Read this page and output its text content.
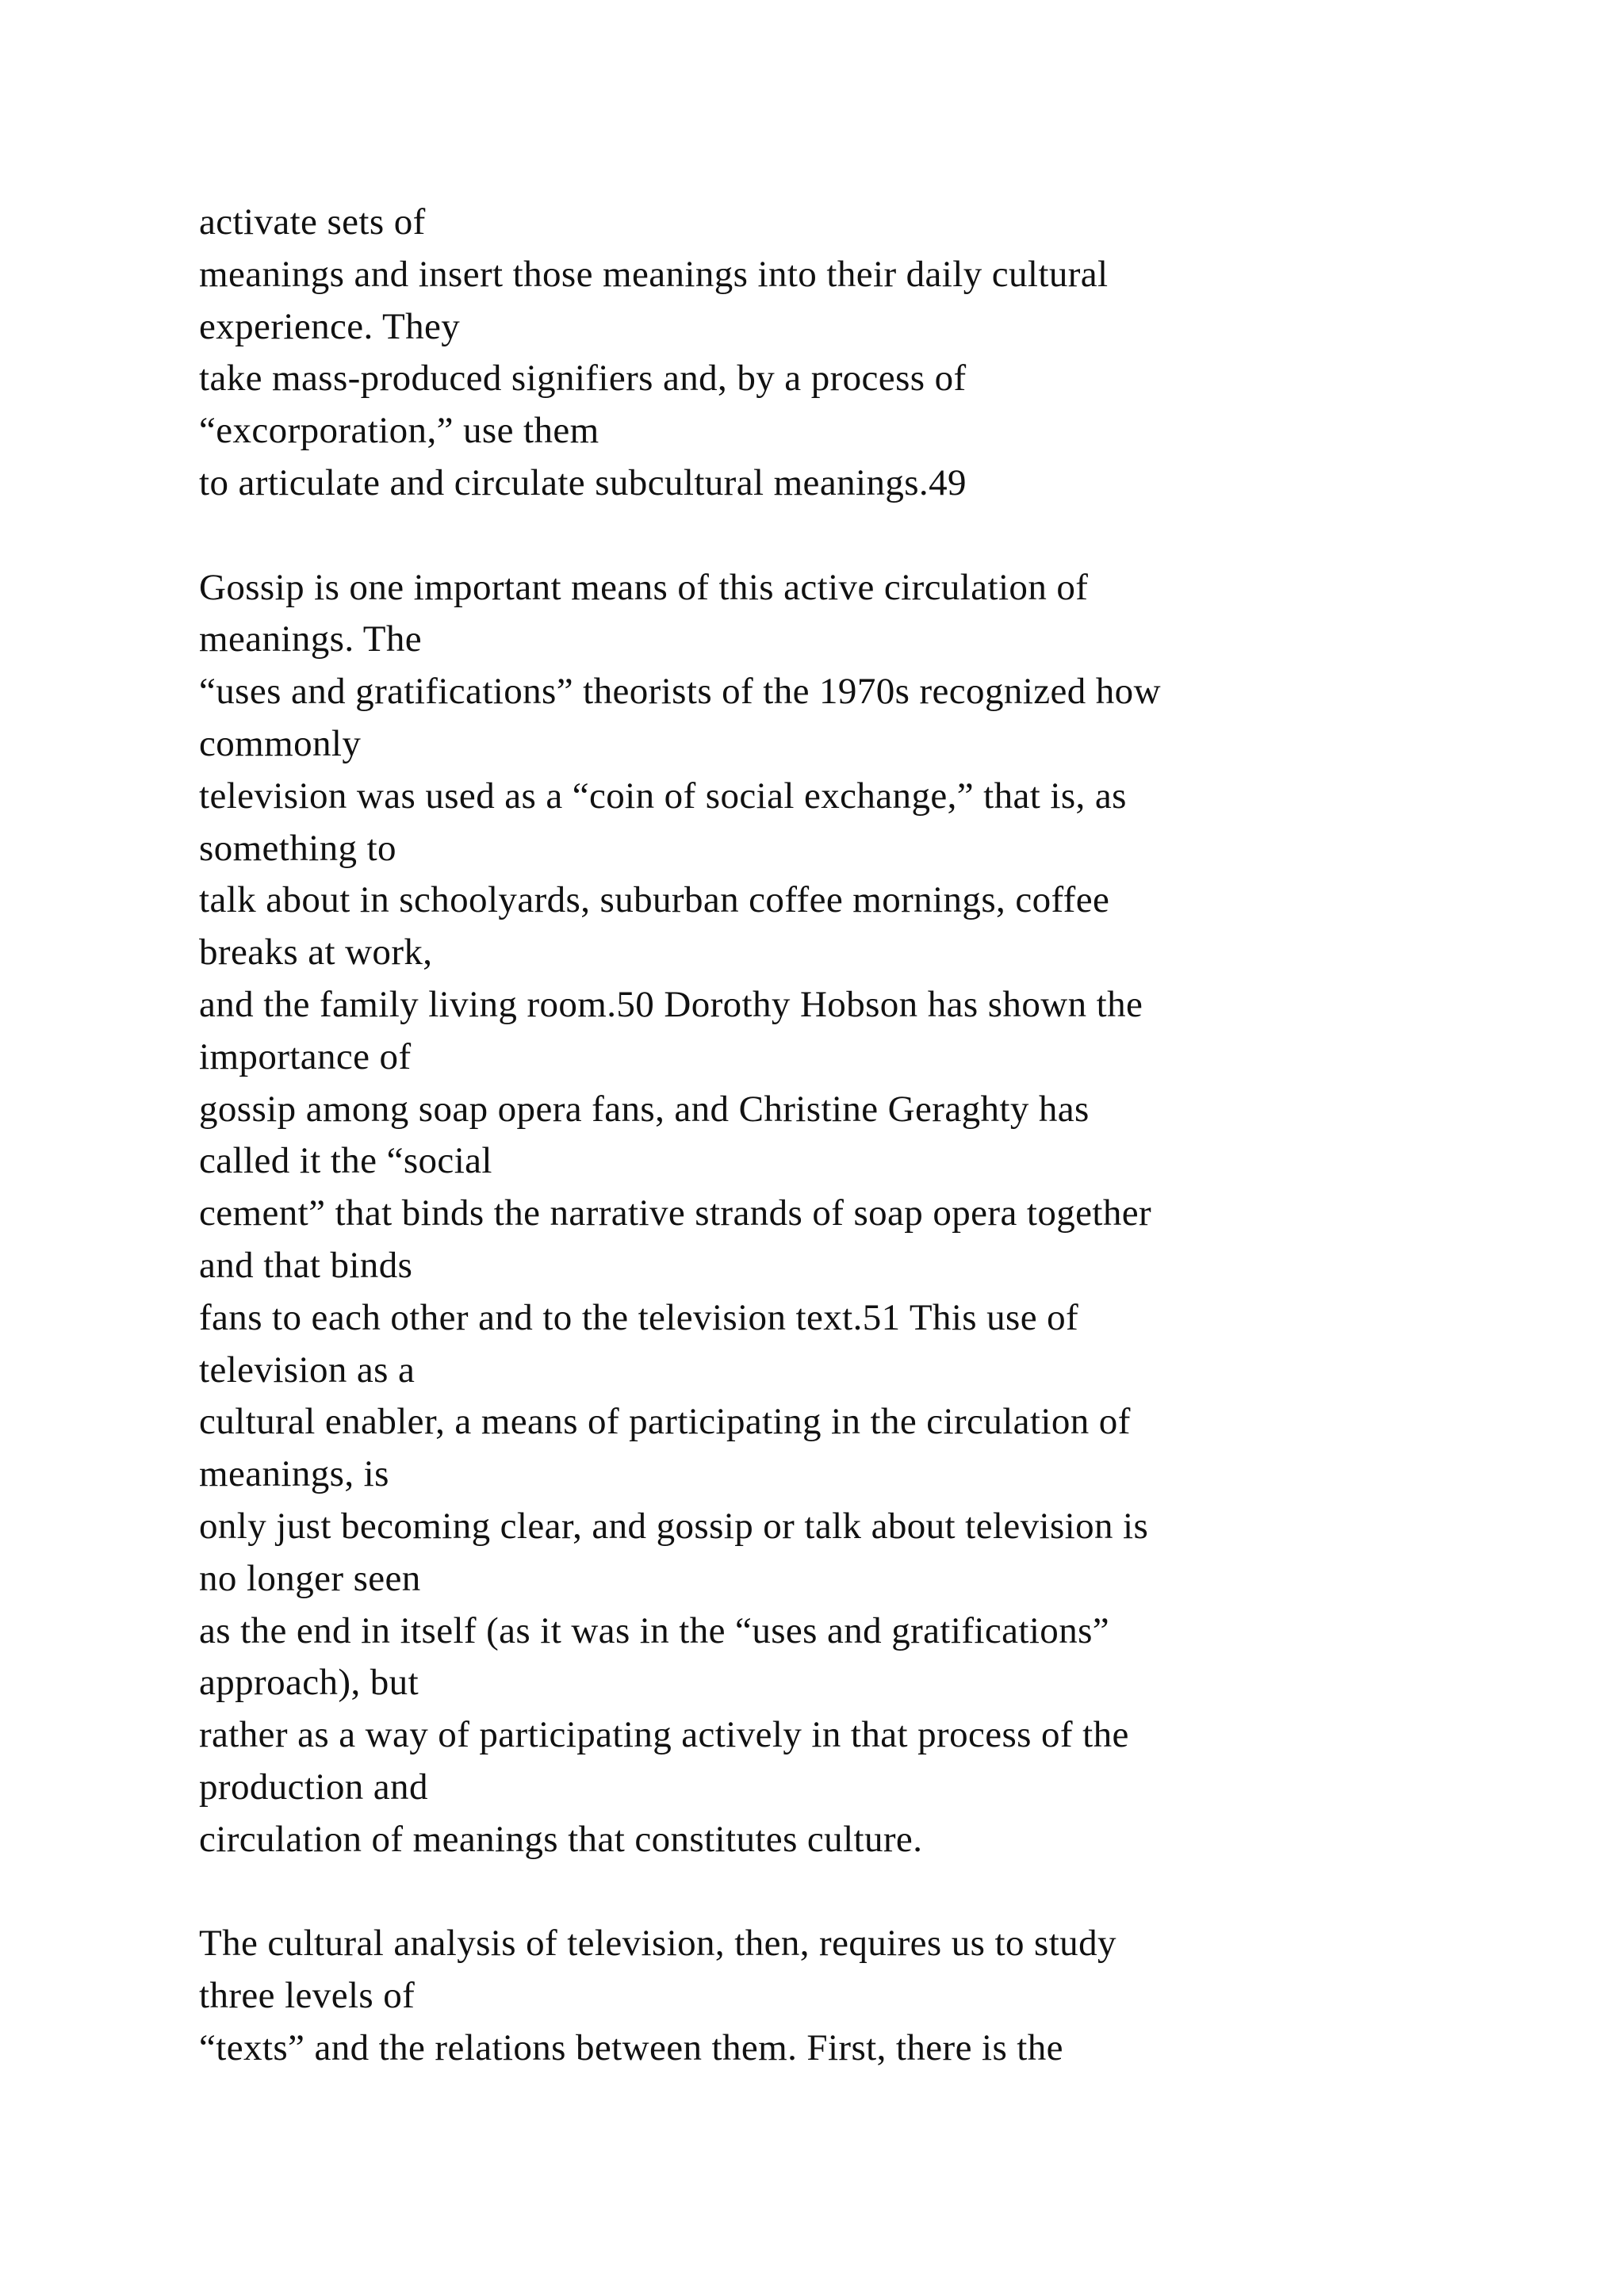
activate sets of
meanings and insert those meanings into their daily cultural
experience. They
take mass-produced signifiers and, by a process of
“excorporation,” use them
to articulate and circulate subcultural meanings.49
Gossip is one important means of this active circulation of
meanings. The
“uses and gratifications” theorists of the 1970s recognized how
commonly
television was used as a “coin of social exchange,” that is, as
something to
talk about in schoolyards, suburban coffee mornings, coffee
breaks at work,
and the family living room.50 Dorothy Hobson has shown the
importance of
gossip among soap opera fans, and Christine Geraghty has
called it the “social
cement” that binds the narrative strands of soap opera together
and that binds
fans to each other and to the television text.51 This use of
television as a
cultural enabler, a means of participating in the circulation of
meanings, is
only just becoming clear, and gossip or talk about television is
no longer seen
as the end in itself (as it was in the “uses and gratifications”
approach), but
rather as a way of participating actively in that process of the
production and
circulation of meanings that constitutes culture.
The cultural analysis of television, then, requires us to study
three levels of
“texts” and the relations between them. First, there is the
